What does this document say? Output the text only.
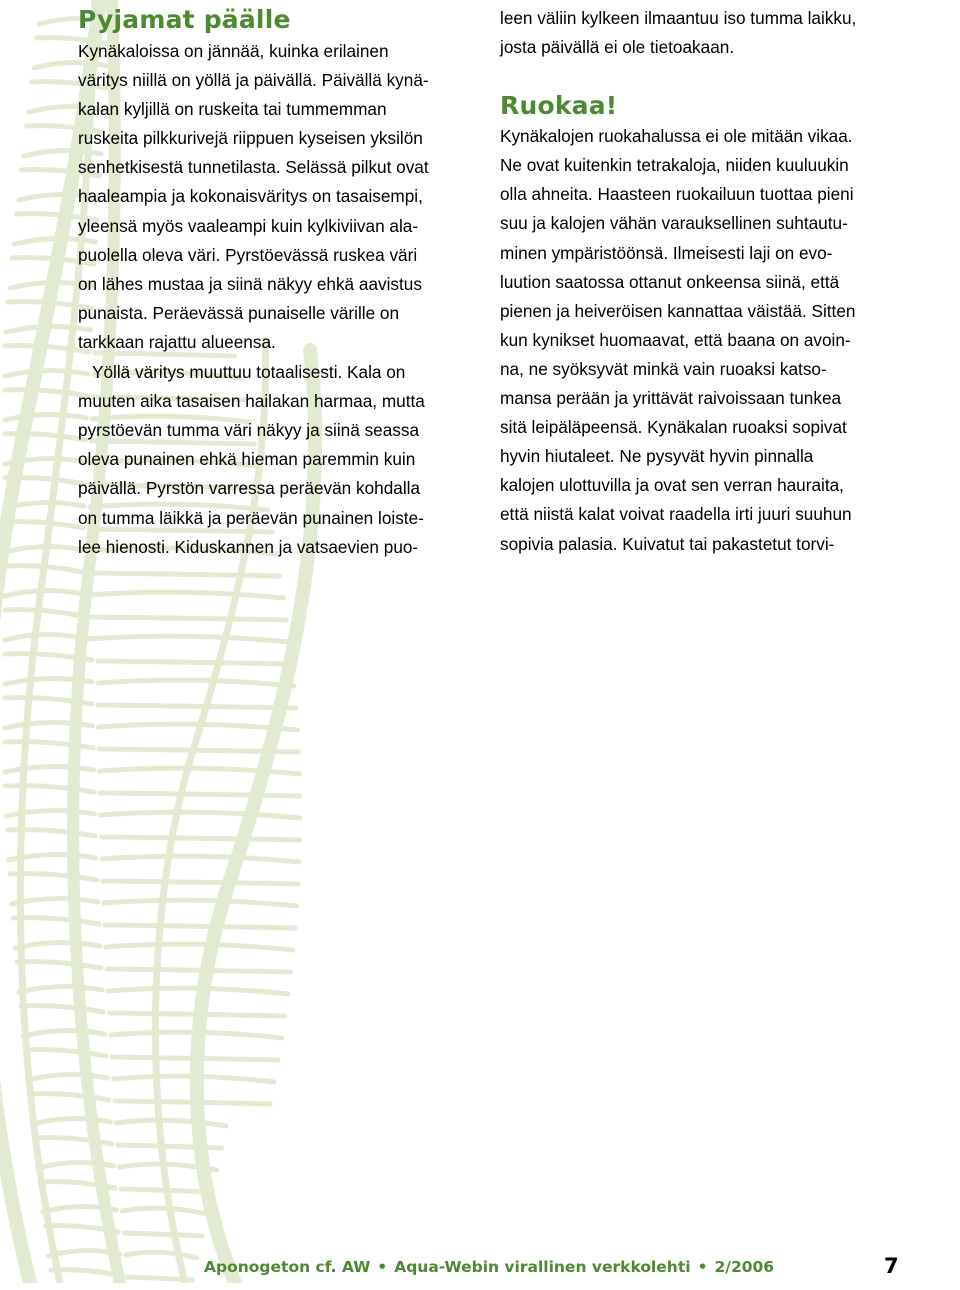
Pyjamat päälle

Kynäkaloissa on jännää, kuinka erilainen
väritys niillä on yöllä ja päivällä. Päivällä kynä-
kalan kyljillä on ruskeita tai tummemman
ruskeita pilkkurivejä riippuen kyseisen yksilön
senhetkisestä tunnetilasta. Selässä pilkut ovat
haaleampia ja kokonaisväritys on tasaisempi,
yleensä myös vaaleampi kuin kylkiviivan ala-
puolella oleva väri. Pyrstöevässä ruskea väri
on lähes mustaa ja siinä näkyy ehkä aavistus
punaista. Peräevässä punaiselle värille on
tarkkaan rajattu alueensa.

Yöllä väritys muuttuu totaalisesti. Kala on
muuten aika tasaisen hailakan harmaa, mutta
pyrstöevän tumma väri näkyy ja siinä seassa
oleva punainen ehkä hieman paremmin kuin
päivällä. Pyrstön varressa peräevän kohdalla
on tumma läikkä ja peräevän punainen loiste-
lee hienosti. Kiduskannen ja vatsaevien puo-

leen väliin kylkeen ilmaantuu iso tumma laikku,
josta päivällä ei ole tietoakaan.

Ruokaa!

Kynäkalojen ruokahalussa ei ole mitään vikaa.
Ne ovat kuitenkin tetrakaloja, niiden kuuluukin
olla ahneita. Haasteen ruokailuun tuottaa pieni
suu ja kalojen vähän varauksellinen suhtautu-
minen ympäristöönsä. Ilmeisesti laji on evo-
luution saatossa ottanut onkeensa siinä, että
pienen ja heiveröisen kannattaa väistää. Sitten
kun kynikset huomaavat, että baana on avoin-
na, ne syöksyvät minkä vain ruoaksi katso-
mansa perään ja yrittävät raivoissaan tunkea
sitä leipäläpeensä. Kynäkalan ruoaksi sopivat
hyvin hiutaleet. Ne pysyvät hyvin pinnalla
kalojen ulottuvilla ja ovat sen verran hauraita,
että niistä kalat voivat raadella irti juuri suuhun
sopivia palasia. Kuivatut tai pakastetut torvi-

Aponogeton cf. AW • Aqua-Webin virallinen verkkolehti • 2/2006	7
